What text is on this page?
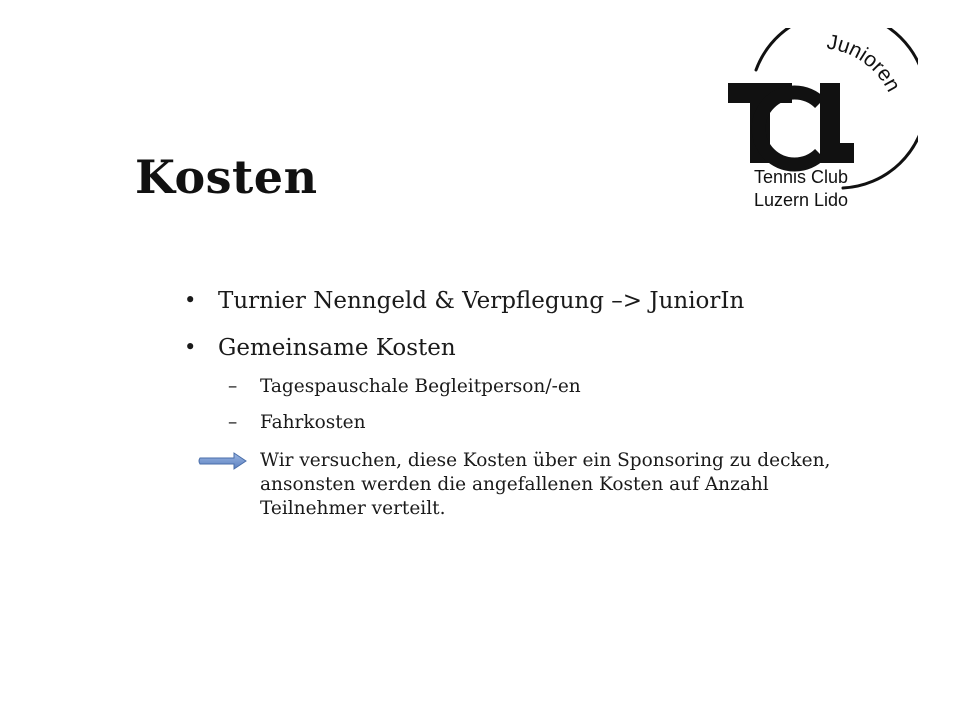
Kosten
Junioren
Tennis Club
Luzern Lido
• Turnier Nenngeld & Verpflegung –> JuniorIn
• Gemeinsame Kosten
– Tagespauschale Begleitperson/-en
– Fahrkosten
Wir versuchen, diese Kosten über ein Sponsoring zu decken, ansonsten werden die angefallenen Kosten auf Anzahl Teilnehmer verteilt.
